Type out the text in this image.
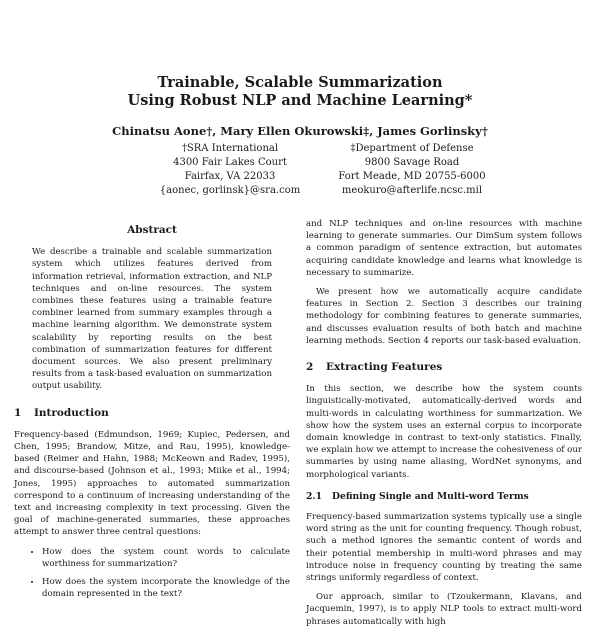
Trainable, Scalable Summarization
Using Robust NLP and Machine Learning*
Chinatsu Aone†, Mary Ellen Okurowski‡, James Gorlinsky†
†SRA International
4300 Fair Lakes Court
Fairfax, VA 22033
{aonec, gorlinsk}@sra.com
‡Department of Defense
9800 Savage Road
Fort Meade, MD 20755-6000
meokuro@afterlife.ncsc.mil
Abstract

We describe a trainable and scalable summarization system which utilizes features derived from information retrieval, information extraction, and NLP techniques and on-line resources. The system combines these features using a trainable feature combiner learned from summary examples through a machine learning algorithm. We demonstrate system scalability by reporting results on the best combination of summarization features for different document sources. We also present preliminary results from a task-based evaluation on summarization output usability.

1 Introduction

Frequency-based (Edmundson, 1969; Kupiec, Pedersen, and Chen, 1995; Brandow, Mitze, and Rau, 1995), knowledge-based (Reimer and Hahn, 1988; McKeown and Radev, 1995), and discourse-based (Johnson et al., 1993; Miike et al., 1994; Jones, 1995) approaches to automated summarization correspond to a continuum of increasing understanding of the text and increasing complexity in text processing. Given the goal of machine-generated summaries, these approaches attempt to answer three central questions:

• How does the system count words to calculate worthiness for summarization?
• How does the system incorporate the knowledge of the domain represented in the text?

and NLP techniques and on-line resources with machine learning to generate summaries. Our DimSum system follows a common paradigm of sentence extraction, but automates acquiring candidate knowledge and learns what knowledge is necessary to summarize.

We present how we automatically acquire candidate features in Section 2. Section 3 describes our training methodology for combining features to generate summaries, and discusses evaluation results of both batch and machine learning methods. Section 4 reports our task-based evaluation.

2 Extracting Features

In this section, we describe how the system counts linguistically-motivated, automatically-derived words and multi-words in calculating worthiness for summarization. We show how the system uses an external corpus to incorporate domain knowledge in contrast to text-only statistics. Finally, we explain how we attempt to increase the cohesiveness of our summaries by using name aliasing, WordNet synonyms, and morphological variants.

2.1 Defining Single and Multi-word Terms

Frequency-based summarization systems typically use a single word string as the unit for counting frequency. Though robust, such a method ignores the semantic content of words and their potential membership in multi-word phrases and may introduce noise in frequency counting by treating the same strings uniformly regardless of context.

Our approach, similar to (Tzoukermann, Klavans, and Jacquemin, 1997), is to apply NLP tools to extract multi-word phrases automatically with high
